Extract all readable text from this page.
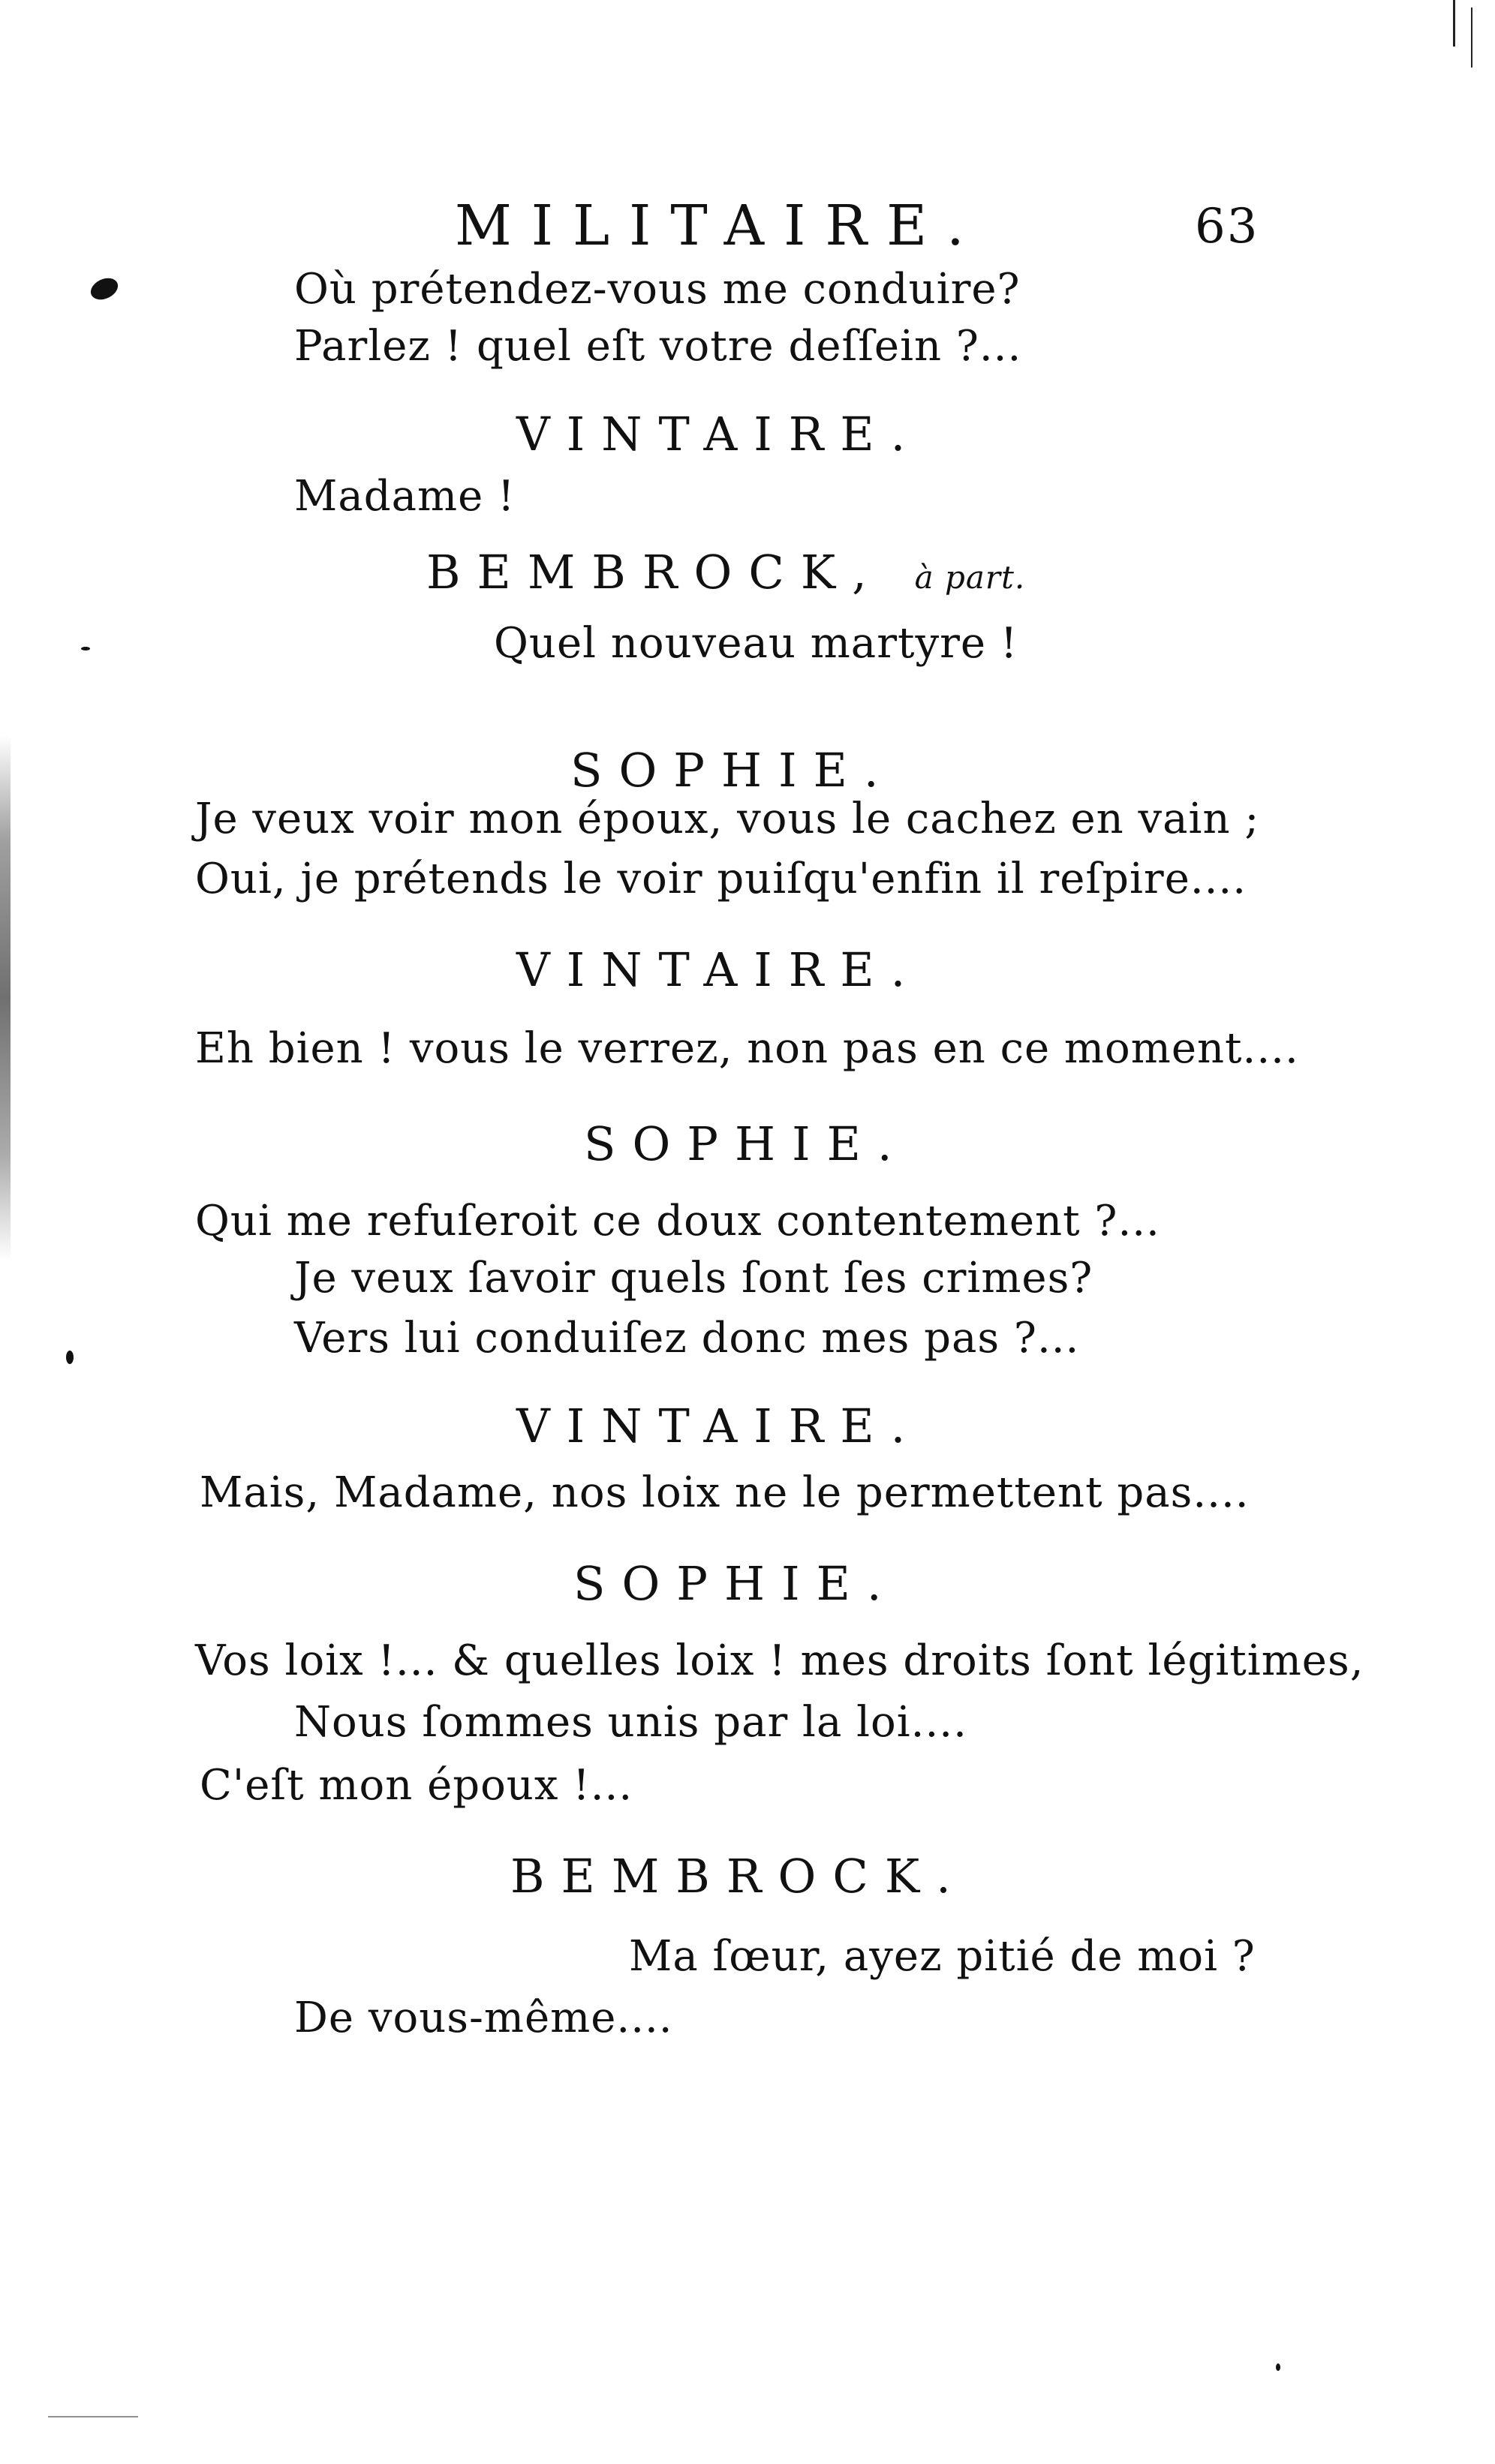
MILITAIRE.	63
Où prétendez-vous me conduire?
Parlez ! quel eſt votre deſſein ?...
VINTAIRE.
Madame !
BEMBROCK, à part.
Quel nouveau martyre !
SOPHIE.
Je veux voir mon époux, vous le cachez en vain ;
Oui, je prétends le voir puiſqu'enfin il reſpire....
VINTAIRE.
Eh bien ! vous le verrez, non pas en ce moment....
SOPHIE.
Qui me refuſeroit ce doux contentement ?...
Je veux ſavoir quels ſont ſes crimes?
Vers lui conduiſez donc mes pas ?...
VINTAIRE.
Mais, Madame, nos loix ne le permettent pas....
SOPHIE.
Vos loix !... & quelles loix ! mes droits ſont légitimes,
Nous ſommes unis par la loi....
C'eſt mon époux !...
BEMBROCK.
Ma ſœur, ayez pitié de moi ?
De vous-même....
